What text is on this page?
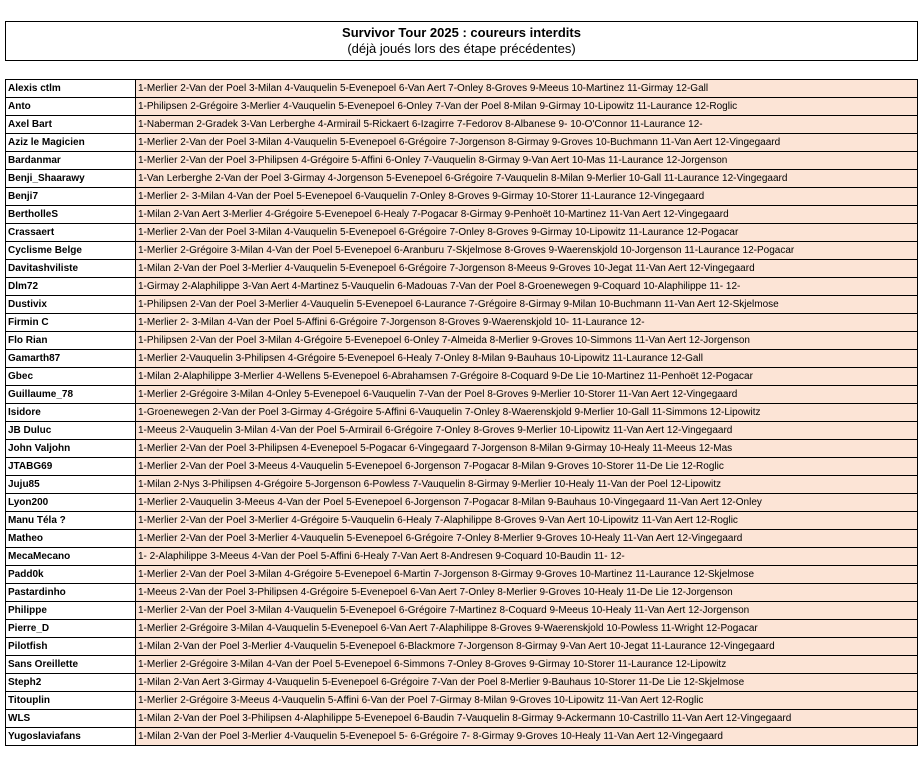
Survivor Tour 2025 : coureurs interdits
(déjà joués lors des étape précédentes)
Alexis ctlm	1-Merlier 2-Van der Poel 3-Milan 4-Vauquelin 5-Evenepoel 6-Van Aert 7-Onley 8-Groves 9-Meeus 10-Martinez 11-Girmay 12-Gall
Anto	1-Philipsen 2-Grégoire 3-Merlier 4-Vauquelin 5-Evenepoel 6-Onley 7-Van der Poel 8-Milan 9-Girmay 10-Lipowitz 11-Laurance 12-Roglic
Axel Bart	1-Naberman 2-Gradek 3-Van Lerberghe 4-Armirail 5-Rickaert 6-Izagirre 7-Fedorov 8-Albanese 9- 10-O'Connor 11-Laurance 12-
Aziz le Magicien	1-Merlier 2-Van der Poel 3-Milan 4-Vauquelin 5-Evenepoel 6-Grégoire 7-Jorgenson 8-Girmay 9-Groves 10-Buchmann 11-Van Aert 12-Vingegaard
Bardanmar	1-Merlier 2-Van der Poel 3-Philipsen 4-Grégoire 5-Affini 6-Onley 7-Vauquelin 8-Girmay 9-Van Aert 10-Mas 11-Laurance 12-Jorgenson
Benji_Shaarawy	1-Van Lerberghe 2-Van der Poel 3-Girmay 4-Jorgenson 5-Evenepoel 6-Grégoire 7-Vauquelin 8-Milan 9-Merlier 10-Gall 11-Laurance 12-Vingegaard
Benji7	1-Merlier 2- 3-Milan 4-Van der Poel 5-Evenepoel 6-Vauquelin 7-Onley 8-Groves 9-Girmay 10-Storer 11-Laurance 12-Vingegaard
BertholleS	1-Milan 2-Van Aert 3-Merlier 4-Grégoire 5-Evenepoel 6-Healy 7-Pogacar 8-Girmay 9-Penhoët 10-Martinez 11-Van Aert 12-Vingegaard
Crassaert	1-Merlier 2-Van der Poel 3-Milan 4-Vauquelin 5-Evenepoel 6-Grégoire 7-Onley 8-Groves 9-Girmay 10-Lipowitz 11-Laurance 12-Pogacar
Cyclisme Belge	1-Merlier 2-Grégoire 3-Milan 4-Van der Poel 5-Evenepoel 6-Aranburu 7-Skjelmose 8-Groves 9-Waerenskjold 10-Jorgenson 11-Laurance 12-Pogacar
Davitashviliste	1-Milan 2-Van der Poel 3-Merlier 4-Vauquelin 5-Evenepoel 6-Grégoire 7-Jorgenson 8-Meeus 9-Groves 10-Jegat 11-Van Aert 12-Vingegaard
Dlm72	1-Girmay 2-Alaphilippe 3-Van Aert 4-Martinez 5-Vauquelin 6-Madouas 7-Van der Poel 8-Groenewegen 9-Coquard 10-Alaphilippe 11- 12-
Dustivix	1-Philipsen 2-Van der Poel 3-Merlier 4-Vauquelin 5-Evenepoel 6-Laurance 7-Grégoire 8-Girmay 9-Milan 10-Buchmann 11-Van Aert 12-Skjelmose
Firmin C	1-Merlier 2- 3-Milan 4-Van der Poel 5-Affini 6-Grégoire 7-Jorgenson 8-Groves 9-Waerenskjold 10- 11-Laurance 12-
Flo Rian	1-Philipsen 2-Van der Poel 3-Milan 4-Grégoire 5-Evenepoel 6-Onley 7-Almeida 8-Merlier 9-Groves 10-Simmons 11-Van Aert 12-Jorgenson
Gamarth87	1-Merlier 2-Vauquelin 3-Philipsen 4-Grégoire 5-Evenepoel 6-Healy 7-Onley 8-Milan 9-Bauhaus 10-Lipowitz 11-Laurance 12-Gall
Gbec	1-Milan 2-Alaphilippe 3-Merlier 4-Wellens 5-Evenepoel 6-Abrahamsen 7-Grégoire 8-Coquard 9-De Lie 10-Martinez 11-Penhoët 12-Pogacar
Guillaume_78	1-Merlier 2-Grégoire 3-Milan 4-Onley 5-Evenepoel 6-Vauquelin 7-Van der Poel 8-Groves 9-Merlier 10-Storer 11-Van Aert 12-Vingegaard
Isidore	1-Groenewegen 2-Van der Poel 3-Girmay 4-Grégoire 5-Affini 6-Vauquelin 7-Onley 8-Waerenskjold 9-Merlier 10-Gall 11-Simmons 12-Lipowitz
JB Duluc	1-Meeus 2-Vauquelin 3-Milan 4-Van der Poel 5-Armirail 6-Grégoire 7-Onley 8-Groves 9-Merlier 10-Lipowitz 11-Van Aert 12-Vingegaard
John Valjohn	1-Merlier 2-Van der Poel 3-Philipsen 4-Evenepoel 5-Pogacar 6-Vingegaard 7-Jorgenson 8-Milan 9-Girmay 10-Healy 11-Meeus 12-Mas
JTABG69	1-Merlier 2-Van der Poel 3-Meeus 4-Vauquelin 5-Evenepoel 6-Jorgenson 7-Pogacar 8-Milan 9-Groves 10-Storer 11-De Lie 12-Roglic
Juju85	1-Milan 2-Nys 3-Philipsen 4-Grégoire 5-Jorgenson 6-Powless 7-Vauquelin 8-Girmay 9-Merlier 10-Healy 11-Van der Poel 12-Lipowitz
Lyon200	1-Merlier 2-Vauquelin 3-Meeus 4-Van der Poel 5-Evenepoel 6-Jorgenson 7-Pogacar 8-Milan 9-Bauhaus 10-Vingegaard 11-Van Aert 12-Onley
Manu Téla ?	1-Merlier 2-Van der Poel 3-Merlier 4-Grégoire 5-Vauquelin 6-Healy 7-Alaphilippe 8-Groves 9-Van Aert 10-Lipowitz 11-Van Aert 12-Roglic
Matheo	1-Merlier 2-Van der Poel 3-Merlier 4-Vauquelin 5-Evenepoel 6-Grégoire 7-Onley 8-Merlier 9-Groves 10-Healy 11-Van Aert 12-Vingegaard
MecaMecano	1- 2-Alaphilippe 3-Meeus 4-Van der Poel 5-Affini 6-Healy 7-Van Aert 8-Andresen 9-Coquard 10-Baudin 11- 12-
Padd0k	1-Merlier 2-Van der Poel 3-Milan 4-Grégoire 5-Evenepoel 6-Martin 7-Jorgenson 8-Girmay 9-Groves 10-Martinez 11-Laurance 12-Skjelmose
Pastardinho	1-Meeus 2-Van der Poel 3-Philipsen 4-Grégoire 5-Evenepoel 6-Van Aert 7-Onley 8-Merlier 9-Groves 10-Healy 11-De Lie 12-Jorgenson
Philippe	1-Merlier 2-Van der Poel 3-Milan 4-Vauquelin 5-Evenepoel 6-Grégoire 7-Martinez 8-Coquard 9-Meeus 10-Healy 11-Van Aert 12-Jorgenson
Pierre_D	1-Merlier 2-Grégoire 3-Milan 4-Vauquelin 5-Evenepoel 6-Van Aert 7-Alaphilippe 8-Groves 9-Waerenskjold 10-Powless 11-Wright 12-Pogacar
Pilotfish	1-Milan 2-Van der Poel 3-Merlier 4-Vauquelin 5-Evenepoel 6-Blackmore 7-Jorgenson 8-Girmay 9-Van Aert 10-Jegat 11-Laurance 12-Vingegaard
Sans Oreillette	1-Merlier 2-Grégoire 3-Milan 4-Van der Poel 5-Evenepoel 6-Simmons 7-Onley 8-Groves 9-Girmay 10-Storer 11-Laurance 12-Lipowitz
Steph2	1-Milan 2-Van Aert 3-Girmay 4-Vauquelin 5-Evenepoel 6-Grégoire 7-Van der Poel 8-Merlier 9-Bauhaus 10-Storer 11-De Lie 12-Skjelmose
Titouplin	1-Merlier 2-Grégoire 3-Meeus 4-Vauquelin 5-Affini 6-Van der Poel 7-Girmay 8-Milan 9-Groves 10-Lipowitz 11-Van Aert 12-Roglic
WLS	1-Milan 2-Van der Poel 3-Philipsen 4-Alaphilippe 5-Evenepoel 6-Baudin 7-Vauquelin 8-Girmay 9-Ackermann 10-Castrillo 11-Van Aert 12-Vingegaard
Yugoslaviafans	1-Milan 2-Van der Poel 3-Merlier 4-Vauquelin 5-Evenepoel 5- 6-Grégoire 7- 8-Girmay 9-Groves 10-Healy 11-Van Aert 12-Vingegaard
